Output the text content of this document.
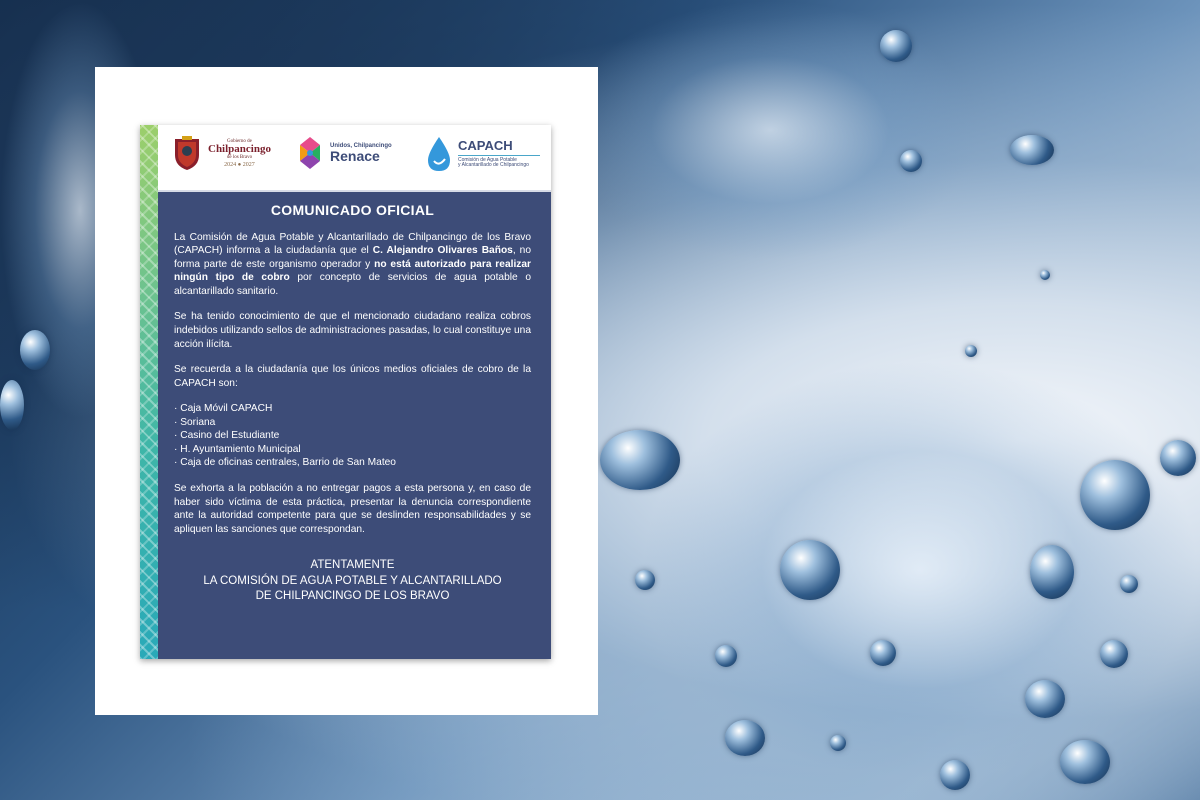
Gobierno de
Chilpancingo
de los Bravo
2024 ● 2027
Unidos, Chilpancingo
Renace
CAPACH
Comisión de Agua Potable
y Alcantarillado de Chilpancingo

COMUNICADO OFICIAL

La Comisión de Agua Potable y Alcantarillado de Chilpancingo de los Bravo (CAPACH) informa a la ciudadanía que el C. Alejandro Olivares Baños, no forma parte de este organismo operador y no está autorizado para realizar ningún tipo de cobro por concepto de servicios de agua potable o alcantarillado sanitario.

Se ha tenido conocimiento de que el mencionado ciudadano realiza cobros indebidos utilizando sellos de administraciones pasadas, lo cual constituye una acción ilícita.

Se recuerda a la ciudadanía que los únicos medios oficiales de cobro de la CAPACH son:

· Caja Móvil CAPACH
· Soriana
· Casino del Estudiante
· H. Ayuntamiento Municipal
· Caja de oficinas centrales, Barrio de San Mateo

Se exhorta a la población a no entregar pagos a esta persona y, en caso de haber sido víctima de esta práctica, presentar la denuncia correspondiente ante la autoridad competente para que se deslinden responsabilidades y se apliquen las sanciones que correspondan.

ATENTAMENTE
LA COMISIÓN DE AGUA POTABLE Y ALCANTARILLADO
DE CHILPANCINGO DE LOS BRAVO
